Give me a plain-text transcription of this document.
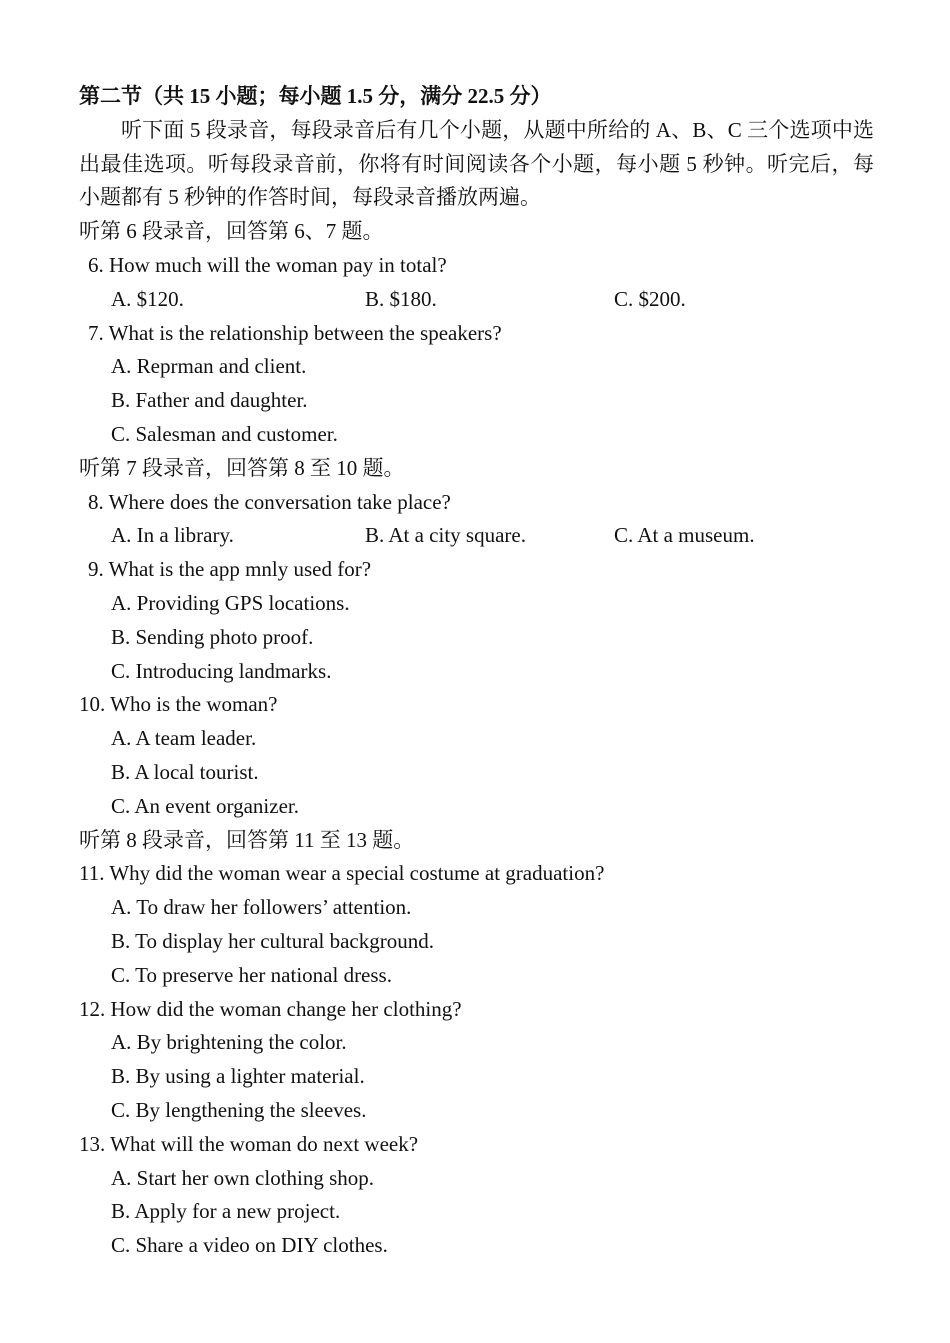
第二节（共 15 小题；每小题 1.5 分，满分 22.5 分）
听下面 5 段录音，每段录音后有几个小题，从题中所给的 A、B、C 三个选项中选出最佳选项。听每段录音前，你将有时间阅读各个小题，每小题 5 秒钟。听完后，每小题都有 5 秒钟的作答时间，每段录音播放两遍。
听第 6 段录音，回答第 6、7 题。
6. How much will the woman pay in total?
A. $120.	B. $180.	C. $200.
7. What is the relationship between the speakers?
A. Reprman and client.
B. Father and daughter.
C. Salesman and customer.
听第 7 段录音，回答第 8 至 10 题。
8. Where does the conversation take place?
A. In a library.	B. At a city square.	C. At a museum.
9. What is the app mnly used for?
A. Providing GPS locations.
B. Sending photo proof.
C. Introducing landmarks.
10. Who is the woman?
A. A team leader.
B. A local tourist.
C. An event organizer.
听第 8 段录音，回答第 11 至 13 题。
11. Why did the woman wear a special costume at graduation?
A. To draw her followers’ attention.
B. To display her cultural background.
C. To preserve her national dress.
12. How did the woman change her clothing?
A. By brightening the color.
B. By using a lighter material.
C. By lengthening the sleeves.
13. What will the woman do next week?
A. Start her own clothing shop.
B. Apply for a new project.
C. Share a video on DIY clothes.
